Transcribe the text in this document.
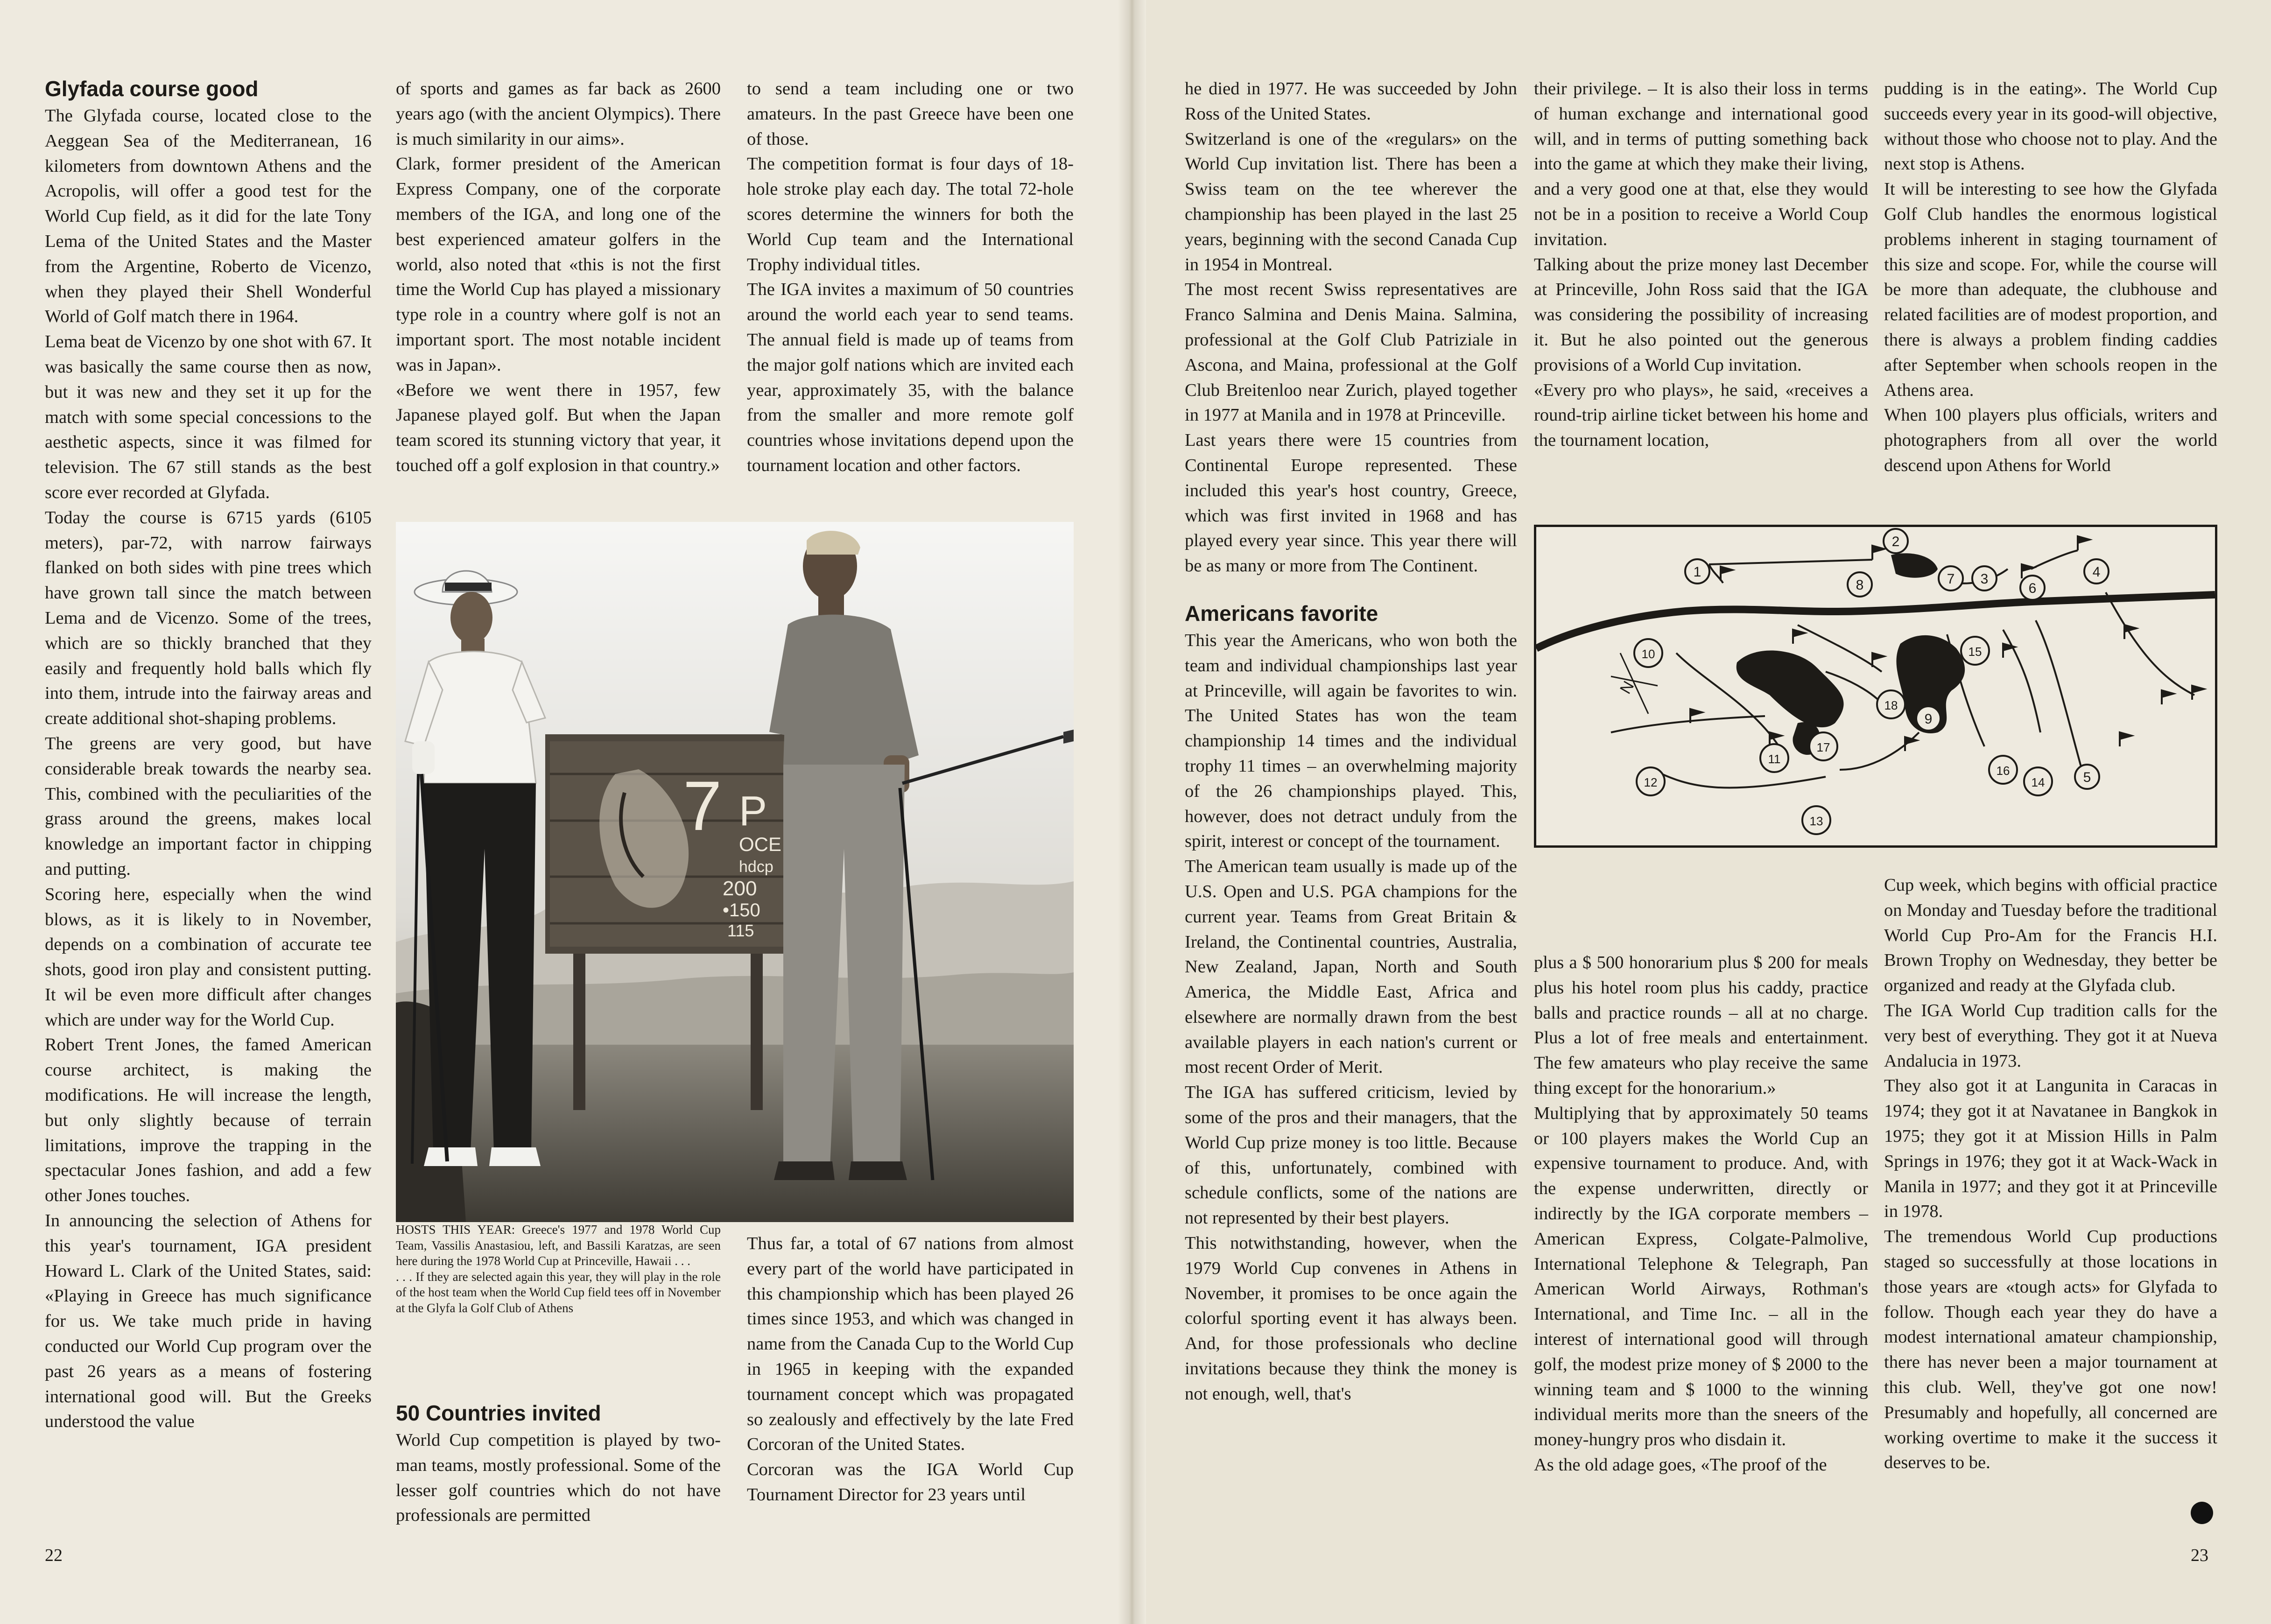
Glyfada course good

The Glyfada course, located close to the Aeggean Sea of the Mediterranean, 16 kilometers from downtown Athens and the Acropolis, will offer a good test for the World Cup field, as it did for the late Tony Lema of the United States and the Master from the Argentine, Roberto de Vicenzo, when they played their Shell Wonderful World of Golf match there in 1964.

Lema beat de Vicenzo by one shot with 67. It was basically the same course then as now, but it was new and they set it up for the match with some special concessions to the aesthetic aspects, since it was filmed for television. The 67 still stands as the best score ever recorded at Glyfada.

Today the course is 6715 yards (6105 meters), par-72, with narrow fairways flanked on both sides with pine trees which have grown tall since the match between Lema and de Vicenzo. Some of the trees, which are so thickly branched that they easily and frequently hold balls which fly into them, intrude into the fairway areas and create additional shot-shaping problems.

The greens are very good, but have considerable break towards the nearby sea. This, combined with the peculiarities of the grass around the greens, makes local knowledge an important factor in chipping and putting.

Scoring here, especially when the wind blows, as it is likely to in November, depends on a combination of accurate tee shots, good iron play and consistent putting. It wil be even more difficult after changes which are under way for the World Cup.

Robert Trent Jones, the famed American course architect, is making the modifications. He will increase the length, but only slightly because of terrain limitations, improve the trapping in the spectacular Jones fashion, and add a few other Jones touches.

In announcing the selection of Athens for this year's tournament, IGA president Howard L. Clark of the United States, said: «Playing in Greece has much significance for us. We take much pride in having conducted our World Cup program over the past 26 years as a means of fostering international good will. But the Greeks understood the value

of sports and games as far back as 2600 years ago (with the ancient Olympics). There is much similarity in our aims».

Clark, former president of the American Express Company, one of the corporate members of the IGA, and long one of the best experienced amateur golfers in the world, also noted that «this is not the first time the World Cup has played a missionary type role in a country where golf is not an important sport. The most notable incident was in Japan».

«Before we went there in 1957, few Japanese played golf. But when the Japan team scored its stunning victory that year, it touched off a golf explosion in that country.»

to send a team including one or two amateurs. In the past Greece have been one of those.

The competition format is four days of 18-hole stroke play each day. The total 72-hole scores determine the winners for both the World Cup team and the International Trophy individual titles.

The IGA invites a maximum of 50 countries around the world each year to send teams. The annual field is made up of teams from the major golf nations which are invited each year, approximately 35, with the balance from the smaller and more remote golf countries whose invitations depend upon the tournament location and other factors.

7 P
OCE
hdcp
200
•150
115
HOSTS THIS YEAR: Greece's 1977 and 1978 World Cup Team, Vassilis Anastasiou, left, and Bassili Karatzas, are seen here during the 1978 World Cup at Princeville, Hawaii . . .
. . . If they are selected again this year, they will play in the role of the host team when the World Cup field tees off in November at the Glyfa la Golf Club of Athens
50 Countries invited

World Cup competition is played by two-man teams, mostly professional. Some of the lesser golf countries which do not have professionals are permitted

Thus far, a total of 67 nations from almost every part of the world have participated in this championship which has been played 26 times since 1953, and which was changed in name from the Canada Cup to the World Cup in 1965 in keeping with the expanded tournament concept which was propagated so zealously and effectively by the late Fred Corcoran of the United States.

Corcoran was the IGA World Cup Tournament Director for 23 years until

22

he died in 1977. He was succeeded by John Ross of the United States.

Switzerland is one of the «regulars» on the World Cup invitation list. There has been a Swiss team on the tee wherever the championship has been played in the last 25 years, beginning with the second Canada Cup in 1954 in Montreal.

The most recent Swiss representatives are Franco Salmina and Denis Maina. Salmina, professional at the Golf Club Patriziale in Ascona, and Maina, professional at the Golf Club Breitenloo near Zurich, played together in 1977 at Manila and in 1978 at Princeville.

Last years there were 15 countries from Continental Europe represented. These included this year's host country, Greece, which was first invited in 1968 and has played every year since. This year there will be as many or more from The Continent.

Americans favorite

This year the Americans, who won both the team and individual championships last year at Princeville, will again be favorites to win. The United States has won the team championship 14 times and the individual trophy 11 times – an overwhelming majority of the 26 championships played. This, however, does not detract unduly from the spirit, interest or concept of the tournament.

The American team usually is made up of the U.S. Open and U.S. PGA champions for the current year. Teams from Great Britain & Ireland, the Continental countries, Australia, New Zealand, Japan, North and South America, the Middle East, Africa and elsewhere are normally drawn from the best available players in each nation's current or most recent Order of Merit.

The IGA has suffered criticism, levied by some of the pros and their managers, that the World Cup prize money is too little. Because of this, unfortunately, combined with schedule conflicts, some of the nations are not represented by their best players.

This notwithstanding, however, when the 1979 World Cup convenes in Athens in November, it promises to be once again the colorful sporting event it has always been. And, for those professionals who decline invitations because they think the money is not enough, well, that's

their privilege. – It is also their loss in terms of human exchange and international good will, and in terms of putting something back into the game at which they make their living, and a very good one at that, else they would not be in a position to receive a World Coup invitation.

Talking about the prize money last December at Princeville, John Ross said that the IGA was considering the possibility of increasing it. But he also pointed out the generous provisions of a World Cup invitation.

«Every pro who plays», he said, «receives a round-trip airline ticket between his home and the tournament location,

pudding is in the eating». The World Cup succeeds every year in its good-will objective, without those who choose not to play. And the next stop is Athens.

It will be interesting to see how the Glyfada Golf Club handles the enormous logistical problems inherent in staging tournament of this size and scope. For, while the course will be more than adequate, the clubhouse and related facilities are of modest proportion, and there is always a problem finding caddies after September when schools reopen in the Athens area.

When 100 players plus officials, writers and photographers from all over the world descend upon Athens for World

1
2
3	4
5
6
7
8
9
10
11
12
13
14
15
16
17
18
N

plus a $ 500 honorarium plus $ 200 for meals plus his hotel room plus his caddy, practice balls and practice rounds – all at no charge. Plus a lot of free meals and entertainment. The few amateurs who play receive the same thing except for the honorarium.»

Multiplying that by approximately 50 teams or 100 players makes the World Cup an expensive tournament to produce. And, with the expense underwritten, directly or indirectly by the IGA corporate members – American Express, Colgate-Palmolive, International Telephone & Telegraph, Pan American World Airways, Rothman's International, and Time Inc. – all in the interest of international good will through golf, the modest prize money of $ 2000 to the winning team and $ 1000 to the winning individual merits more than the sneers of the money-hungry pros who disdain it.

As the old adage goes, «The proof of the

Cup week, which begins with official practice on Monday and Tuesday before the traditional World Cup Pro-Am for the Francis H.I. Brown Trophy on Wednesday, they better be organized and ready at the Glyfada club.

The IGA World Cup tradition calls for the very best of everything. They got it at Nueva Andalucia in 1973.

They also got it at Langunita in Caracas in 1974; they got it at Navatanee in Bangkok in 1975; they got it at Mission Hills in Palm Springs in 1976; they got it at Wack-Wack in Manila in 1977; and they got it at Princeville in 1978.

The tremendous World Cup productions staged so successfully at those locations in those years are «tough acts» for Glyfada to follow. Though each year they do have a modest international amateur championship, there has never been a major tournament at this club. Well, they've got one now! Presumably and hopefully, all concerned are working overtime to make it the success it deserves to be.

23
